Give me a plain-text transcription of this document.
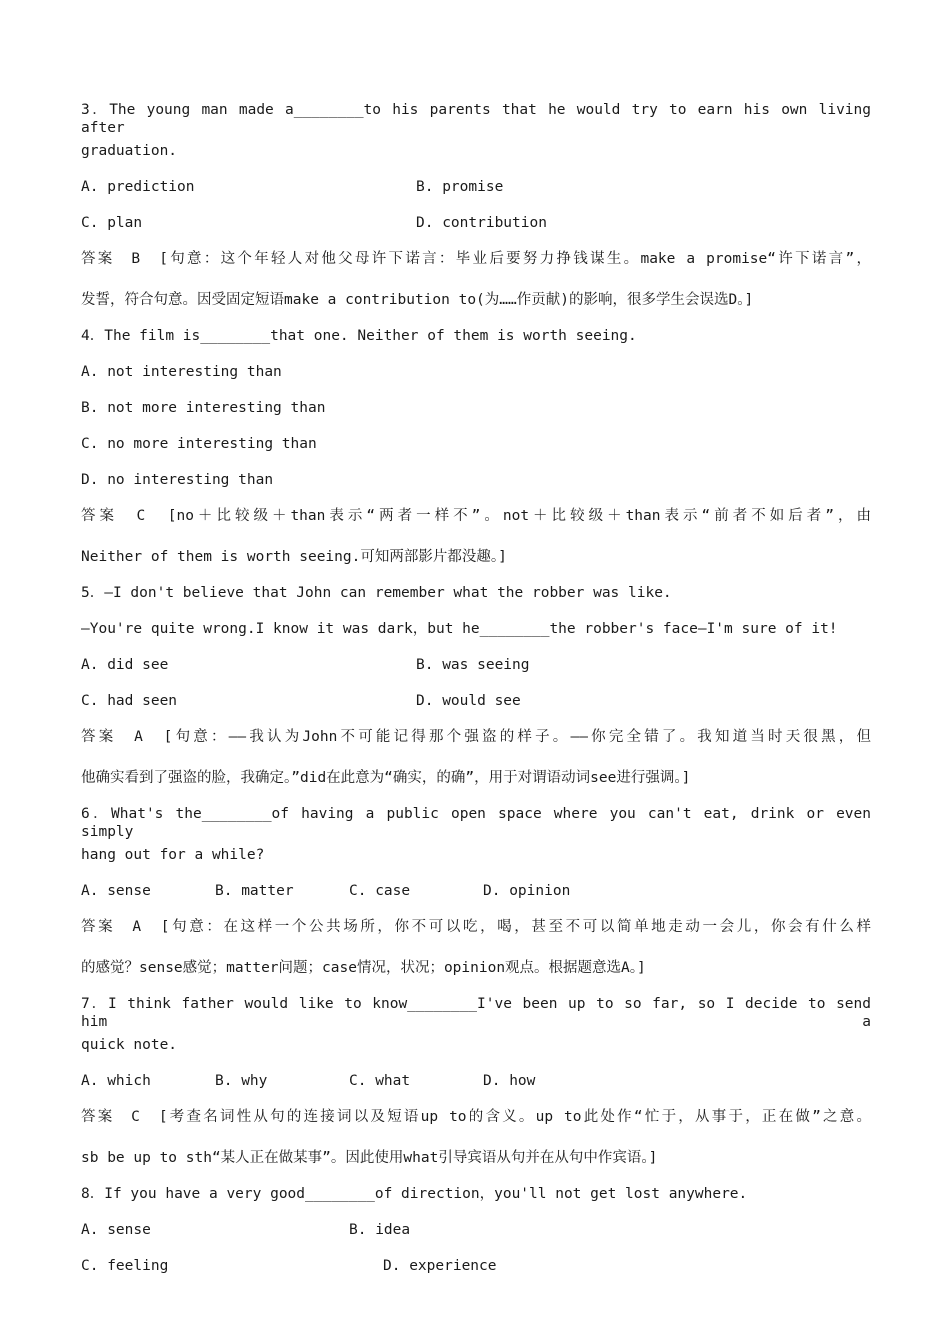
3．The young man made a________to his parents that he would try to earn his own living after
graduation.
A. prediction	B. promise
C. plan	D. contribution
答案　B　[句意：这个年轻人对他父母许下诺言：毕业后要努力挣钱谋生。make a promise“许下诺言”，
发誓，符合句意。因受固定短语make a contribution to(为……作贡献)的影响，很多学生会误选D。]
4．The film is________that one. Neither of them is worth seeing.
A. not interesting than
B. not more interesting than
C. no more interesting than
D. no interesting than
答案　C　[no＋比较级＋than表示“两者一样不”。not＋比较级＋than表示“前者不如后者”，由
Neither of them is worth seeing.可知两部影片都没趣。]
5．—I don't believe that John can remember what the robber was like.
—You're quite wrong.I know it was dark，but he________the robber's face—I'm sure of it!
A. did see	B. was seeing
C. had seen	D. would see
答案　A　[句意：——我认为John不可能记得那个强盗的样子。——你完全错了。我知道当时天很黑，但
他确实看到了强盗的脸，我确定。”did在此意为“确实，的确”，用于对谓语动词see进行强调。]
6．What's the________of having a public open space where you can't eat, drink or even simply
hang out for a while?
A. sense	B. matter	C. case	D. opinion
答案　A　[句意：在这样一个公共场所，你不可以吃，喝，甚至不可以简单地走动一会儿，你会有什么样
的感觉？sense感觉；matter问题；case情况，状况；opinion观点。根据题意选A。]
7．I think father would like to know________I've been up to so far, so I decide to send him a
quick note.
A. which	B. why	C. what	D. how
答案　C　[考查名词性从句的连接词以及短语up to的含义。up to此处作“忙于，从事于，正在做”之意。
sb be up to sth“某人正在做某事”。因此使用what引导宾语从句并在从句中作宾语。]
8．If you have a very good________of direction，you'll not get lost anywhere.
A. sense	B. idea
C. feeling	D. experience
